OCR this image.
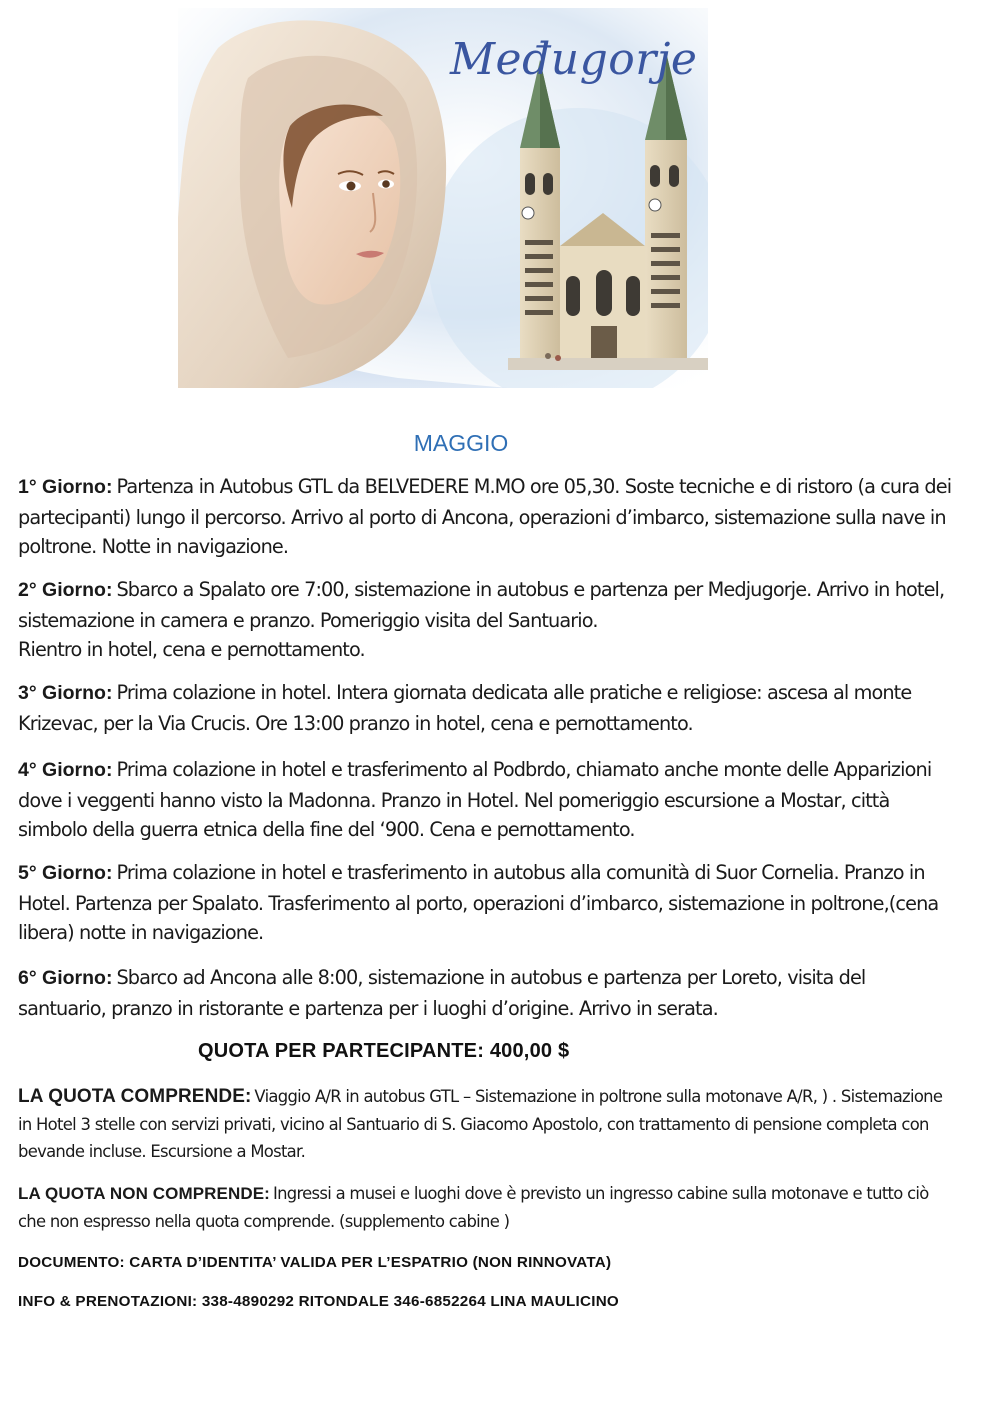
Međugorje
MAGGIO
1° Giorno: Partenza in Autobus GTL da BELVEDERE M.MO ore 05,30. Soste tecniche e di ristoro (a cura dei partecipanti) lungo il percorso. Arrivo al porto di Ancona, operazioni d’imbarco, sistemazione sulla nave in poltrone. Notte in navigazione.
2° Giorno: Sbarco a Spalato ore 7:00, sistemazione in autobus e partenza per Medjugorje. Arrivo in hotel, sistemazione in camera e pranzo. Pomeriggio visita del Santuario.
Rientro in hotel, cena e pernottamento.
3° Giorno: Prima colazione in hotel. Intera giornata dedicata alle pratiche e religiose: ascesa al monte Krizevac, per la Via Crucis. Ore 13:00 pranzo in hotel, cena e pernottamento.
4° Giorno: Prima colazione in hotel e trasferimento al Podbrdo, chiamato anche monte delle Apparizioni dove i veggenti hanno visto la Madonna. Pranzo in Hotel. Nel pomeriggio escursione a Mostar, città simbolo della guerra etnica della fine del ‘900. Cena e pernottamento.
5° Giorno: Prima colazione in hotel e trasferimento in autobus alla comunità di Suor Cornelia. Pranzo in Hotel. Partenza per Spalato. Trasferimento al porto, operazioni d’imbarco, sistemazione in poltrone,(cena libera) notte in navigazione.
6° Giorno: Sbarco ad Ancona alle 8:00, sistemazione in autobus e partenza per Loreto, visita del santuario, pranzo in ristorante e partenza per i luoghi d’origine. Arrivo in serata.
QUOTA PER PARTECIPANTE: 400,00 $
LA QUOTA COMPRENDE: Viaggio A/R in autobus GTL – Sistemazione in poltrone sulla motonave A/R, ) . Sistemazione in Hotel 3 stelle con servizi privati, vicino al Santuario di S. Giacomo Apostolo, con trattamento di pensione completa con bevande incluse. Escursione a Mostar.
LA QUOTA NON COMPRENDE: Ingressi a musei e luoghi dove è previsto un ingresso cabine sulla motonave e tutto ciò che non espresso nella quota comprende. (supplemento cabine )
DOCUMENTO: CARTA D’IDENTITA’ VALIDA PER L’ESPATRIO (NON RINNOVATA)
INFO & PRENOTAZIONI: 338-4890292 RITONDALE 346-6852264 LINA MAULICINO
